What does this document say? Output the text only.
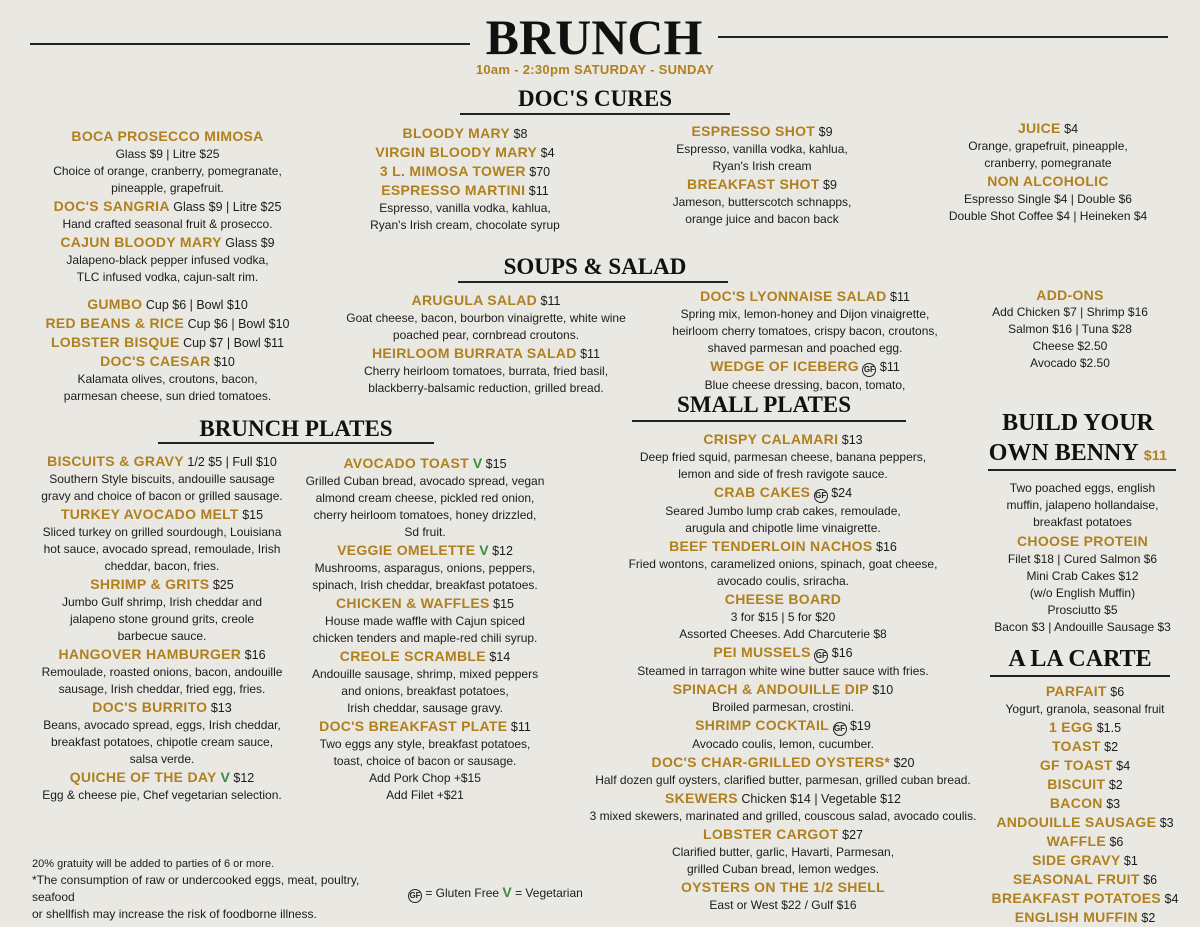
BRUNCH
10am - 2:30pm SATURDAY - SUNDAY
DOC'S CURES
SOUPS & SALAD
BRUNCH PLATES
SMALL PLATES
BUILD YOUR
OWN BENNY $11
A LA CARTE
BOCA PROSECCO MIMOSA
Glass $9 | Litre $25
Choice of orange, cranberry, pomegranate,
pineapple, grapefruit.
DOC'S SANGRIA Glass $9 | Litre $25
Hand crafted seasonal fruit & prosecco.
CAJUN BLOODY MARY Glass $9
Jalapeno-black pepper infused vodka,
TLC infused vodka, cajun-salt rim.
BLOODY MARY $8
VIRGIN BLOODY MARY $4
3 L. MIMOSA TOWER $70
ESPRESSO MARTINI $11
Espresso, vanilla vodka, kahlua,
Ryan's Irish cream, chocolate syrup
ESPRESSO SHOT $9
Espresso, vanilla vodka, kahlua,
Ryan's Irish cream
BREAKFAST SHOT $9
Jameson, butterscotch schnapps,
orange juice and bacon back
JUICE $4
Orange, grapefruit, pineapple,
cranberry, pomegranate
NON ALCOHOLIC
Espresso Single $4 | Double $6
Double Shot Coffee $4 | Heineken $4
GUMBO Cup $6 | Bowl $10
RED BEANS & RICE Cup $6 | Bowl $10
LOBSTER BISQUE Cup $7 | Bowl $11
DOC'S CAESAR $10
Kalamata olives, croutons, bacon,
parmesan cheese, sun dried tomatoes.
ARUGULA SALAD $11
Goat cheese, bacon, bourbon vinaigrette, white wine
poached pear, cornbread croutons.
HEIRLOOM BURRATA SALAD $11
Cherry heirloom tomatoes, burrata, fried basil,
blackberry-balsamic reduction, grilled bread.
DOC'S LYONNAISE SALAD $11
Spring mix, lemon-honey and Dijon vinaigrette,
heirloom cherry tomatoes, crispy bacon, croutons,
shaved parmesan and poached egg.
WEDGE OF ICEBERG GF $11
Blue cheese dressing, bacon, tomato,
ADD-ONS
Add Chicken $7 | Shrimp $16
Salmon $16 | Tuna $28
Cheese $2.50
Avocado $2.50
BISCUITS & GRAVY 1/2 $5 | Full $10
Southern Style biscuits, andouille sausage
gravy and choice of bacon or grilled sausage.
TURKEY AVOCADO MELT $15
Sliced turkey on grilled sourdough, Louisiana
hot sauce, avocado spread, remoulade, Irish
cheddar, bacon, fries.
SHRIMP & GRITS $25
Jumbo Gulf shrimp, Irish cheddar and
jalapeno stone ground grits, creole
barbecue sauce.
HANGOVER HAMBURGER $16
Remoulade, roasted onions, bacon, andouille
sausage, Irish cheddar, fried egg, fries.
DOC'S BURRITO $13
Beans, avocado spread, eggs, Irish cheddar,
breakfast potatoes, chipotle cream sauce,
salsa verde.
QUICHE OF THE DAY V $12
Egg & cheese pie, Chef vegetarian selection.
AVOCADO TOAST V $15
Grilled Cuban bread, avocado spread, vegan
almond cream cheese, pickled red onion,
cherry heirloom tomatoes, honey drizzled,
Sd fruit.
VEGGIE OMELETTE V $12
Mushrooms, asparagus, onions, peppers,
spinach, Irish cheddar, breakfast potatoes.
CHICKEN & WAFFLES $15
House made waffle with Cajun spiced
chicken tenders and maple-red chili syrup.
CREOLE SCRAMBLE $14
Andouille sausage, shrimp, mixed peppers
and onions, breakfast potatoes,
Irish cheddar, sausage gravy.
DOC'S BREAKFAST PLATE $11
Two eggs any style, breakfast potatoes,
toast, choice of bacon or sausage.
Add Pork Chop +$15
Add Filet +$21
CRISPY CALAMARI $13
Deep fried squid, parmesan cheese, banana peppers,
lemon and side of fresh ravigote sauce.
CRAB CAKES GF $24
Seared Jumbo lump crab cakes, remoulade,
arugula and chipotle lime vinaigrette.
BEEF TENDERLOIN NACHOS $16
Fried wontons, caramelized onions, spinach, goat cheese,
avocado coulis, sriracha.
CHEESE BOARD
3 for $15 | 5 for $20
Assorted Cheeses. Add Charcuterie $8
PEI MUSSELS GF $16
Steamed in tarragon white wine butter sauce with fries.
SPINACH & ANDOUILLE DIP $10
Broiled parmesan, crostini.
SHRIMP COCKTAIL GF $19
Avocado coulis, lemon, cucumber.
DOC'S CHAR-GRILLED OYSTERS* $20
Half dozen gulf oysters, clarified butter, parmesan, grilled cuban bread.
SKEWERS Chicken $14 | Vegetable $12
3 mixed skewers, marinated and grilled, couscous salad, avocado coulis.
LOBSTER CARGOT $27
Clarified butter, garlic, Havarti, Parmesan,
grilled Cuban bread, lemon wedges.
OYSTERS ON THE 1/2 SHELL
East or West $22 / Gulf $16
Two poached eggs, english
muffin, jalapeno hollandaise,
breakfast potatoes
CHOOSE PROTEIN
Filet $18 | Cured Salmon $6
Mini Crab Cakes $12
(w/o English Muffin)
Prosciutto $5
Bacon $3 | Andouille Sausage $3
PARFAIT $6
Yogurt, granola, seasonal fruit
1 EGG $1.5
TOAST $2
GF TOAST $4
BISCUIT $2
BACON $3
ANDOUILLE SAUSAGE $3
WAFFLE $6
SIDE GRAVY $1
SEASONAL FRUIT $6
BREAKFAST POTATOES $4
ENGLISH MUFFIN $2
20% gratuity will be added to parties of 6 or more.
*The consumption of raw or undercooked eggs, meat, poultry, seafood
or shellfish may increase the risk of foodborne illness.
GF = Gluten Free V = Vegetarian
